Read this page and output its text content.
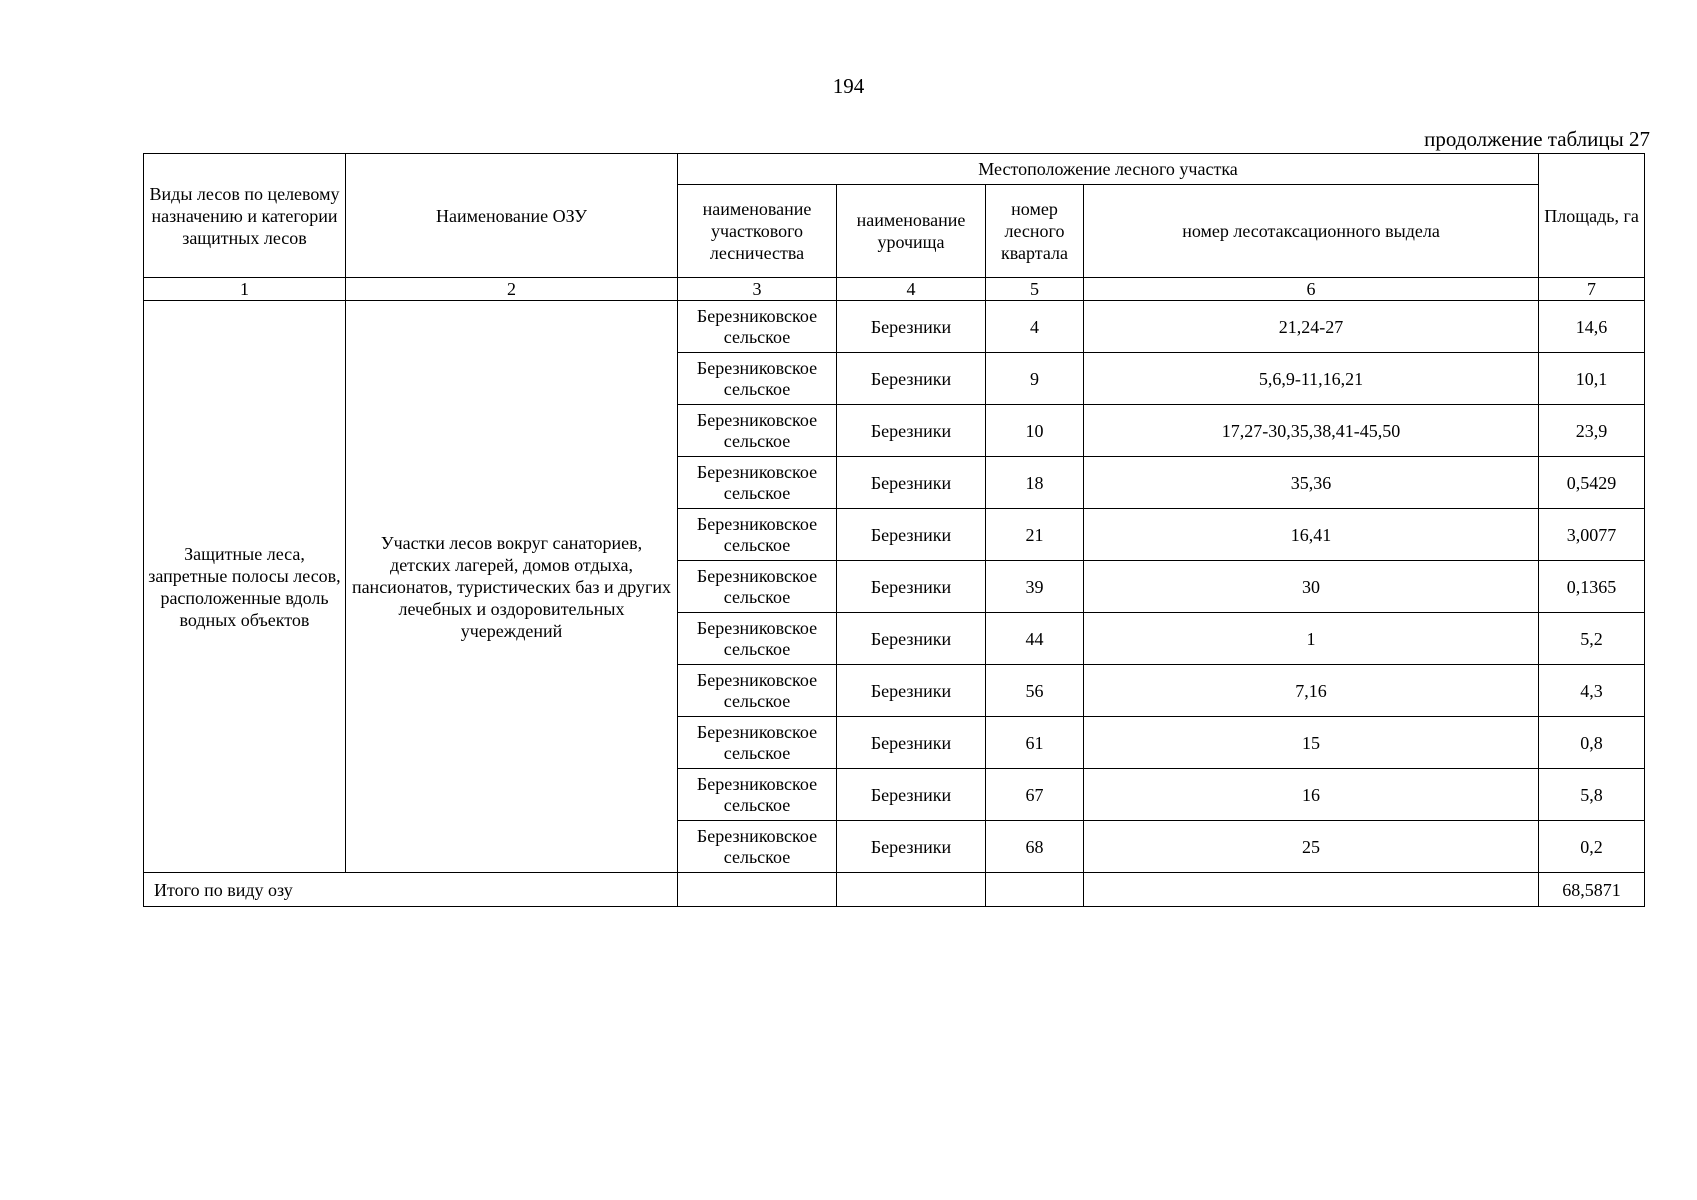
194
продолжение таблицы 27
Виды лесов по целевому назначению и категории защитных лесов	Наименование ОЗУ	Местоположение лесного участка				Площадь, га
		наименование участкового лесничества	наименование урочища	номер лесного квартала	номер лесотаксационного выдела	
1	2	3	4	5	6	7
Защитные леса, запретные полосы лесов, расположенные вдоль водных объектов	Участки лесов вокруг санаториев, детских лагерей, домов отдыха, пансионатов, туристических баз и других лечебных и оздоровительных учереждений	Березниковское сельское	Березники	4	21,24-27	14,6
		Березниковское сельское	Березники	9	5,6,9-11,16,21	10,1
		Березниковское сельское	Березники	10	17,27-30,35,38,41-45,50	23,9
		Березниковское сельское	Березники	18	35,36	0,5429
		Березниковское сельское	Березники	21	16,41	3,0077
		Березниковское сельское	Березники	39	30	0,1365
		Березниковское сельское	Березники	44	1	5,2
		Березниковское сельское	Березники	56	7,16	4,3
		Березниковское сельское	Березники	61	15	0,8
		Березниковское сельское	Березники	67	16	5,8
		Березниковское сельское	Березники	68	25	0,2
Итого по виду озу						68,5871
